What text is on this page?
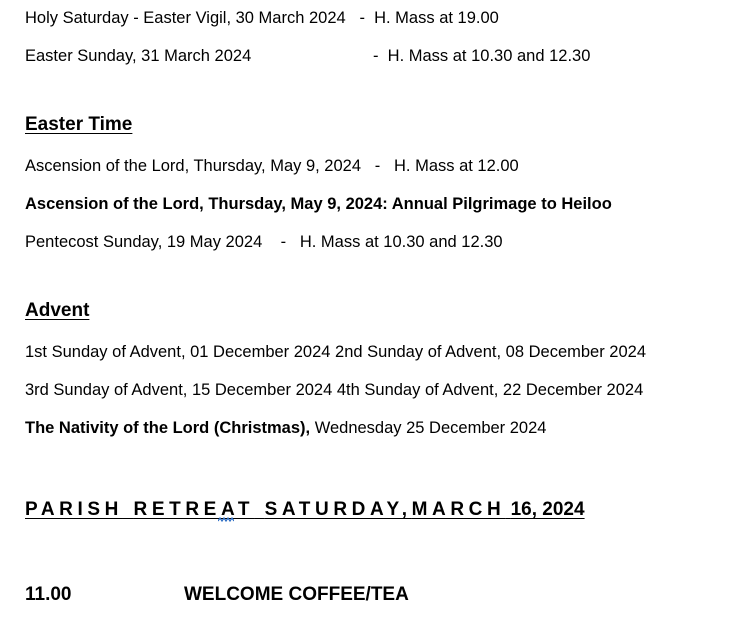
Holy Saturday - Easter Vigil, 30 March 2024   -  H. Mass at 19.00
Easter Sunday, 31 March 2024	-  H. Mass at 10.30 and 12.30
Easter Time
Ascension of the Lord, Thursday, May 9, 2024   -   H. Mass at 12.00
Ascension of the Lord, Thursday, May 9, 2024: Annual Pilgrimage to Heiloo
Pentecost Sunday, 19 May 2024    -   H. Mass at 10.30 and 12.30
Advent
1st Sunday of Advent, 01 December 2024 2nd Sunday of Advent, 08 December 2024
3rd Sunday of Advent, 15 December 2024 4th Sunday of Advent, 22 December 2024
The Nativity of the Lord (Christmas), Wednesday 25 December 2024
PARISH RETREAT SATURDAY,MARCH 16, 2024
11.00	WELCOME COFFEE/TEA
